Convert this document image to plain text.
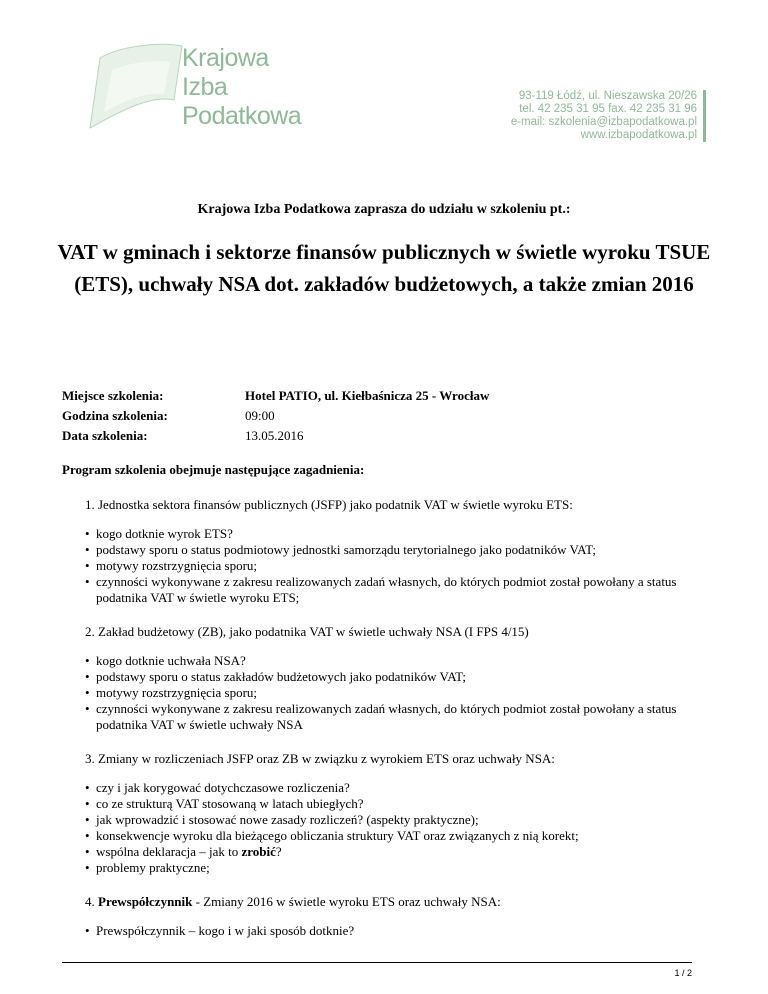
Krajowa
Izba
Podatkowa
93-119 Łódź, ul. Nieszawska 20/26
tel. 42 235 31 95 fax. 42 235 31 96
e-mail: szkolenia@izbapodatkowa.pl
www.izbapodatkowa.pl
Krajowa Izba Podatkowa zaprasza do udziału w szkoleniu pt.:
VAT w gminach i sektorze finansów publicznych w świetle wyroku TSUE (ETS), uchwały NSA dot. zakładów budżetowych, a także zmian 2016
Miejsce szkolenia:	Hotel PATIO, ul. Kiełbaśnicza 25 - Wrocław
Godzina szkolenia:	09:00
Data szkolenia:	13.05.2016
Program szkolenia obejmuje następujące zagadnienia:
1. Jednostka sektora finansów publicznych (JSFP) jako podatnik VAT w świetle wyroku ETS:
• kogo dotknie wyrok ETS?
• podstawy sporu o status podmiotowy jednostki samorządu terytorialnego jako podatników VAT;
• motywy rozstrzygnięcia sporu;
• czynności wykonywane z zakresu realizowanych zadań własnych, do których podmiot został powołany a status podatnika VAT w świetle wyroku ETS;
2. Zakład budżetowy (ZB), jako podatnika VAT w świetle uchwały NSA (I FPS 4/15)
• kogo dotknie uchwała NSA?
• podstawy sporu o status zakładów budżetowych jako podatników VAT;
• motywy rozstrzygnięcia sporu;
• czynności wykonywane z zakresu realizowanych zadań własnych, do których podmiot został powołany a status podatnika VAT w świetle uchwały NSA
3. Zmiany w rozliczeniach JSFP oraz ZB w związku z wyrokiem ETS oraz uchwały NSA:
• czy i jak korygować dotychczasowe rozliczenia?
• co ze strukturą VAT stosowaną w latach ubiegłych?
• jak wprowadzić i stosować nowe zasady rozliczeń? (aspekty praktyczne);
• konsekwencje wyroku dla bieżącego obliczania struktury VAT oraz związanych z nią korekt;
• wspólna deklaracja – jak to zrobić?
• problemy praktyczne;
4. Prewspółczynnik - Zmiany 2016 w świetle wyroku ETS oraz uchwały NSA:
• Prewspółczynnik – kogo i w jaki sposób dotknie?
1 / 2
